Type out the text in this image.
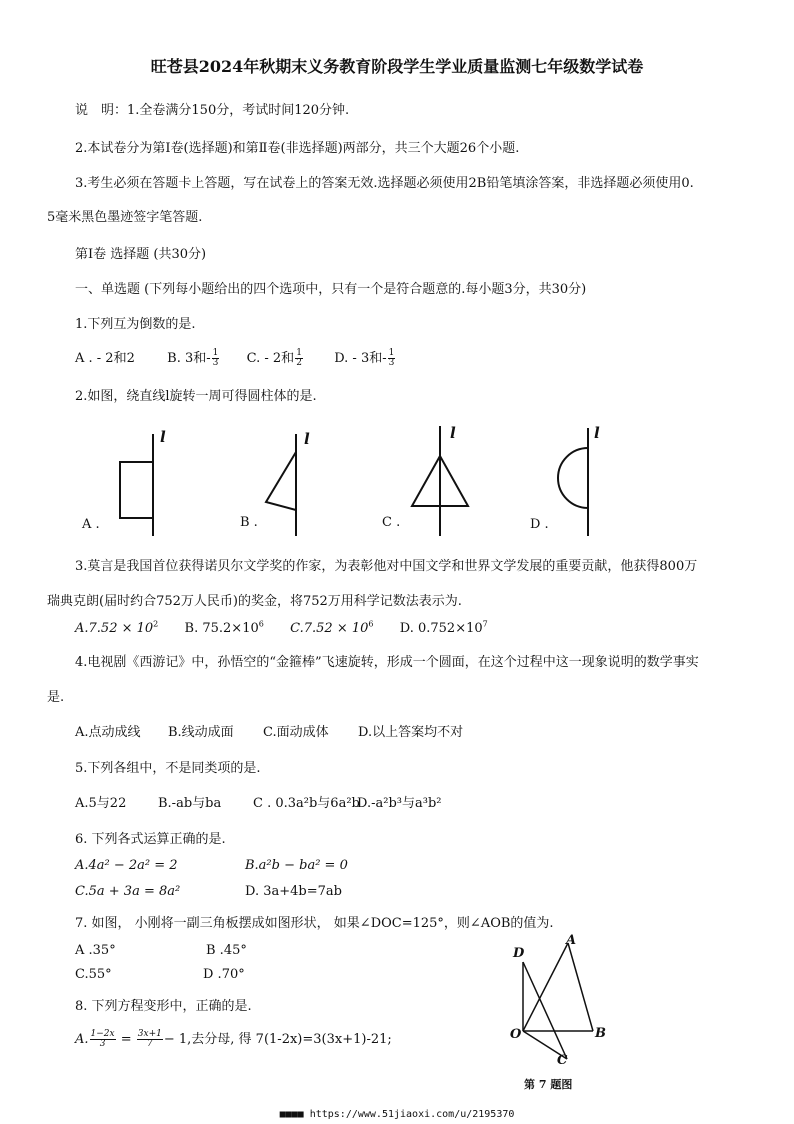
旺苍县2024年秋期末义务教育阶段学生学业质量监测七年级数学试卷
说　明：1.全卷满分150分，考试时间120分钟.
2.本试卷分为第Ⅰ卷(选择题)和第Ⅱ卷(非选择题)两部分，共三个大题26个小题.
3.考生必须在答题卡上答题，写在试卷上的答案无效.选择题必须使用2B铅笔填涂答案，非选择题必须使用0.
5毫米黑色墨迹签字笔答题.
第Ⅰ卷 选择题 (共30分)
一、单选题 (下列每小题给出的四个选项中，只有一个是符合题意的.每小题3分，共30分)
1.下列互为倒数的是.
A . - 2和2 B. 3和- $\frac{1}{3} C$. - 2和 $\frac{1}{2} D$. - 3和- $\frac{1}{3}$
2.如图，绕直线l旋转一周可得圆柱体的是.
l	l	l	l
A .	B .	C .	D .
3.莫言是我国首位获得诺贝尔文学奖的作家，为表彰他对中国文学和世界文学发展的重要贡献，他获得800万
瑞典克朗(届时约合752万人民币)的奖金，将752万用科学记数法表示为.
$A.7.52 \times 10^2$ B. $75.2\times 10^6$ $C.7.52 \times 10^6$ D. $0.752\times 10^7$
4.电视剧《西游记》中，孙悟空的“金箍棒”飞速旋转，形成一个圆面，在这个过程中这一现象说明的数学事实
是.
A.点动成线 B.线动成面 C.面动成体 D.以上答案均不对
5.下列各组中，不是同类项的是.
A.5与22 B.-ab与ba C . 0.3a²b与6a²b
D.-a²b³与a³b²
6. 下列各式运算正确的是.
A.4a² − 2a² = 2	B.a²b − ba² = 0
C.5a + 3a = 8a²	D. 3a+4b=7ab
7. 如图， 小刚将一副三角板摆成如图形状， 如果∠DOC=125°，则∠AOB的值为.
A .35°	B .45°
C.55°	D .70°
D
A
O	B
C
第 7 题图
8. 下列方程变形中，正确的是.
A. $\frac{1-2x}{3} = \frac{3x+1}{7} - 1$,去分母, 得 7(1-2x)=3(3x+1)-21;
■■■■ https://www.51jiaoxi.com/u/2195370
